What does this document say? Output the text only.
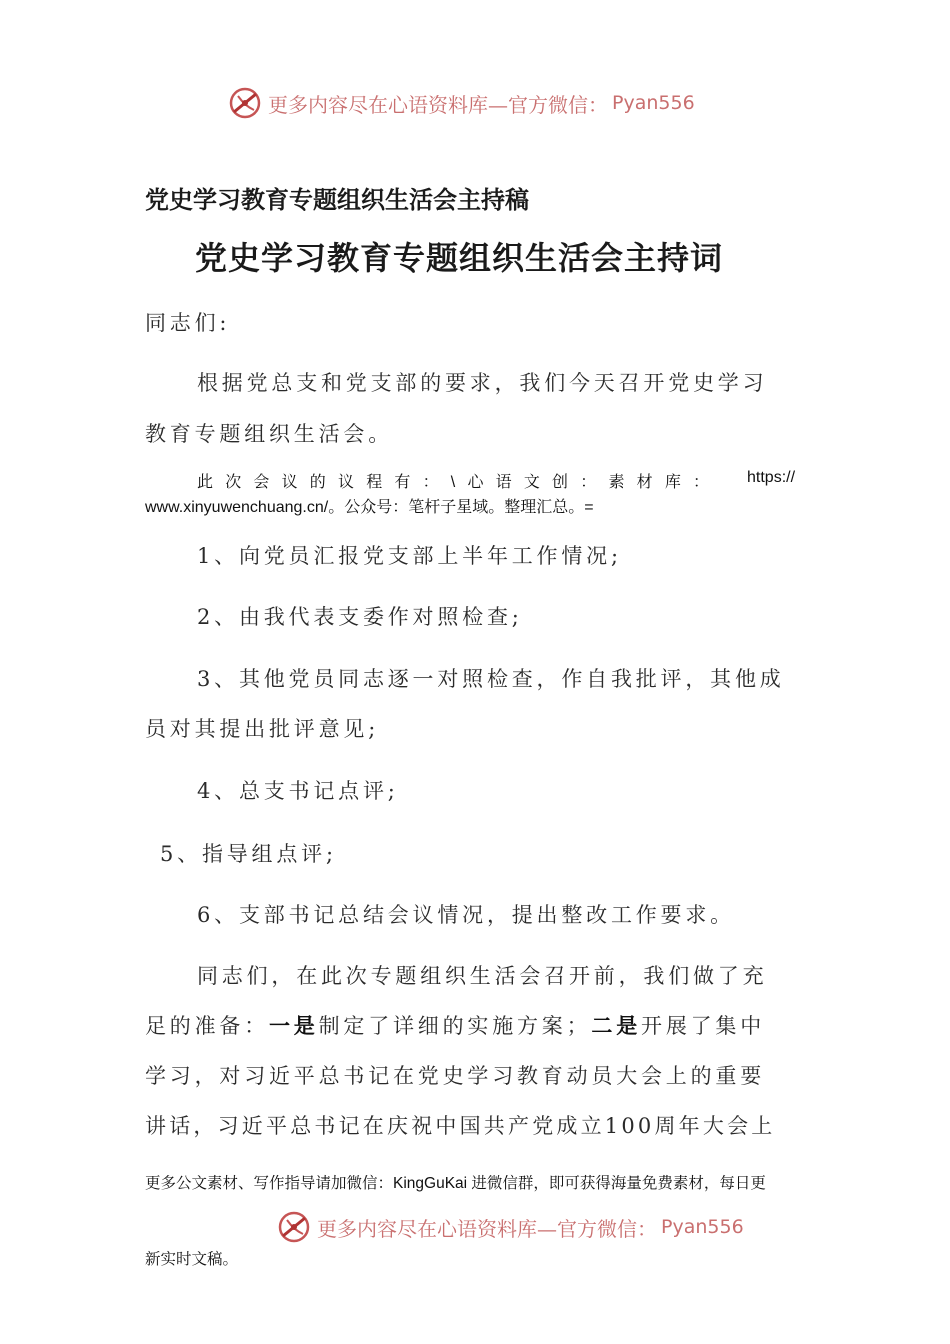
更多内容尽在心语资料库—官方微信： Pyan556
党史学习教育专题组织生活会主持稿
党史学习教育专题组织生活会主持词
同志们:
根据党总支和党支部的要求，我们今天召开党史学习
教育专题组织生活会。
此次会议的议程有：\心语文创：素材库： https://
www.xinyuwenchuang.cn/。公众号：笔杆子星域。整理汇总。=
1、向党员汇报党支部上半年工作情况;
2、由我代表支委作对照检查;
3、其他党员同志逐一对照检查，作自我批评，其他成
员对其提出批评意见;
4、总支书记点评;
5、指导组点评;
6、支部书记总结会议情况，提出整改工作要求。
同志们，在此次专题组织生活会召开前，我们做了充
足的准备：一是制定了详细的实施方案；二是开展了集中
学习，对习近平总书记在党史学习教育动员大会上的重要
讲话，习近平总书记在庆祝中国共产党成立100周年大会上
更多公文素材、写作指导请加微信：KingGuKai 进微信群，即可获得海量免费素材，每日更
更多内容尽在心语资料库—官方微信： Pyan556
新实时文稿。
